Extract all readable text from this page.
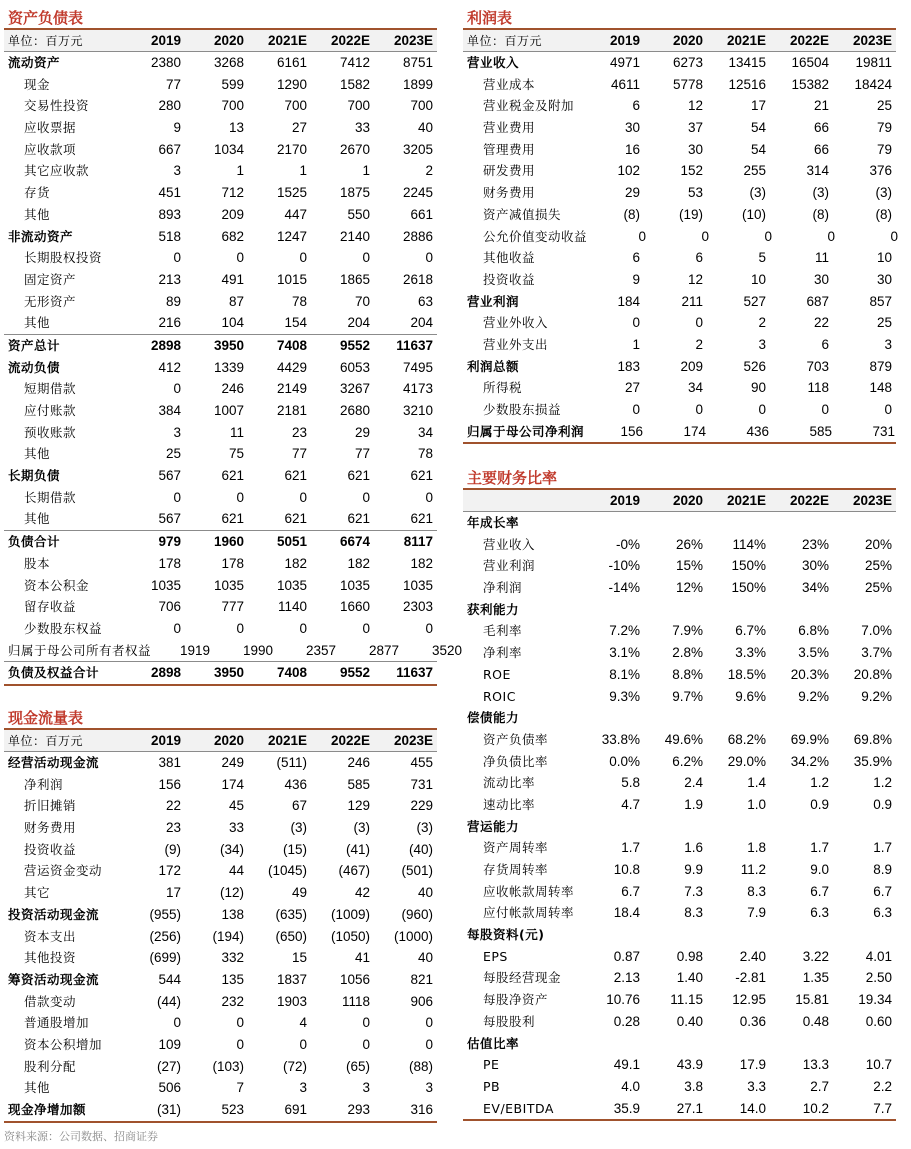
资产负债表
单位：百万元	2019	2020	2021E	2022E	2023E
流动资产	2380	3268	6161	7412	8751
现金	77	599	1290	1582	1899
交易性投资	280	700	700	700	700
应收票据	9	13	27	33	40
应收款项	667	1034	2170	2670	3205
其它应收款	3	1	1	1	2
存货	451	712	1525	1875	2245
其他	893	209	447	550	661
非流动资产	518	682	1247	2140	2886
长期股权投资	0	0	0	0	0
固定资产	213	491	1015	1865	2618
无形资产	89	87	78	70	63
其他	216	104	154	204	204
资产总计	2898	3950	7408	9552	11637
流动负债	412	1339	4429	6053	7495
短期借款	0	246	2149	3267	4173
应付账款	384	1007	2181	2680	3210
预收账款	3	11	23	29	34
其他	25	75	77	77	78
长期负债	567	621	621	621	621
长期借款	0	0	0	0	0
其他	567	621	621	621	621
负债合计	979	1960	5051	6674	8117
股本	178	178	182	182	182
资本公积金	1035	1035	1035	1035	1035
留存收益	706	777	1140	1660	2303
少数股东权益	0	0	0	0	0
归属于母公司所有者权益	1919	1990	2357	2877	3520
负债及权益合计	2898	3950	7408	9552	11637
现金流量表
单位：百万元	2019	2020	2021E	2022E	2023E
经营活动现金流	381	249	(511)	246	455
净利润	156	174	436	585	731
折旧摊销	22	45	67	129	229
财务费用	23	33	(3)	(3)	(3)
投资收益	(9)	(34)	(15)	(41)	(40)
营运资金变动	172	44	(1045)	(467)	(501)
其它	17	(12)	49	42	40
投资活动现金流	(955)	138	(635)	(1009)	(960)
资本支出	(256)	(194)	(650)	(1050)	(1000)
其他投资	(699)	332	15	41	40
筹资活动现金流	544	135	1837	1056	821
借款变动	(44)	232	1903	1118	906
普通股增加	0	0	4	0	0
资本公积增加	109	0	0	0	0
股利分配	(27)	(103)	(72)	(65)	(88)
其他	506	7	3	3	3
现金净增加额	(31)	523	691	293	316
利润表
单位：百万元	2019	2020	2021E	2022E	2023E
营业收入	4971	6273	13415	16504	19811
营业成本	4611	5778	12516	15382	18424
营业税金及附加	6	12	17	21	25
营业费用	30	37	54	66	79
管理费用	16	30	54	66	79
研发费用	102	152	255	314	376
财务费用	29	53	(3)	(3)	(3)
资产减值损失	(8)	(19)	(10)	(8)	(8)
公允价值变动收益	0	0	0	0	0
其他收益	6	6	5	11	10
投资收益	9	12	10	30	30
营业利润	184	211	527	687	857
营业外收入	0	0	2	22	25
营业外支出	1	2	3	6	3
利润总额	183	209	526	703	879
所得税	27	34	90	118	148
少数股东损益	0	0	0	0	0
归属于母公司净利润	156	174	436	585	731
主要财务比率
2019	2020	2021E	2022E	2023E
年成长率
营业收入	-0%	26%	114%	23%	20%
营业利润	-10%	15%	150%	30%	25%
净利润	-14%	12%	150%	34%	25%
获利能力
毛利率	7.2%	7.9%	6.7%	6.8%	7.0%
净利率	3.1%	2.8%	3.3%	3.5%	3.7%
ROE	8.1%	8.8%	18.5%	20.3%	20.8%
ROIC	9.3%	9.7%	9.6%	9.2%	9.2%
偿债能力
资产负债率	33.8%	49.6%	68.2%	69.9%	69.8%
净负债比率	0.0%	6.2%	29.0%	34.2%	35.9%
流动比率	5.8	2.4	1.4	1.2	1.2
速动比率	4.7	1.9	1.0	0.9	0.9
营运能力
资产周转率	1.7	1.6	1.8	1.7	1.7
存货周转率	10.8	9.9	11.2	9.0	8.9
应收帐款周转率	6.7	7.3	8.3	6.7	6.7
应付帐款周转率	18.4	8.3	7.9	6.3	6.3
每股资料(元)
EPS	0.87	0.98	2.40	3.22	4.01
每股经营现金	2.13	1.40	-2.81	1.35	2.50
每股净资产	10.76	11.15	12.95	15.81	19.34
每股股利	0.28	0.40	0.36	0.48	0.60
估值比率
PE	49.1	43.9	17.9	13.3	10.7
PB	4.0	3.8	3.3	2.7	2.2
EV/EBITDA	35.9	27.1	14.0	10.2	7.7
资料来源：公司数据、招商证券
